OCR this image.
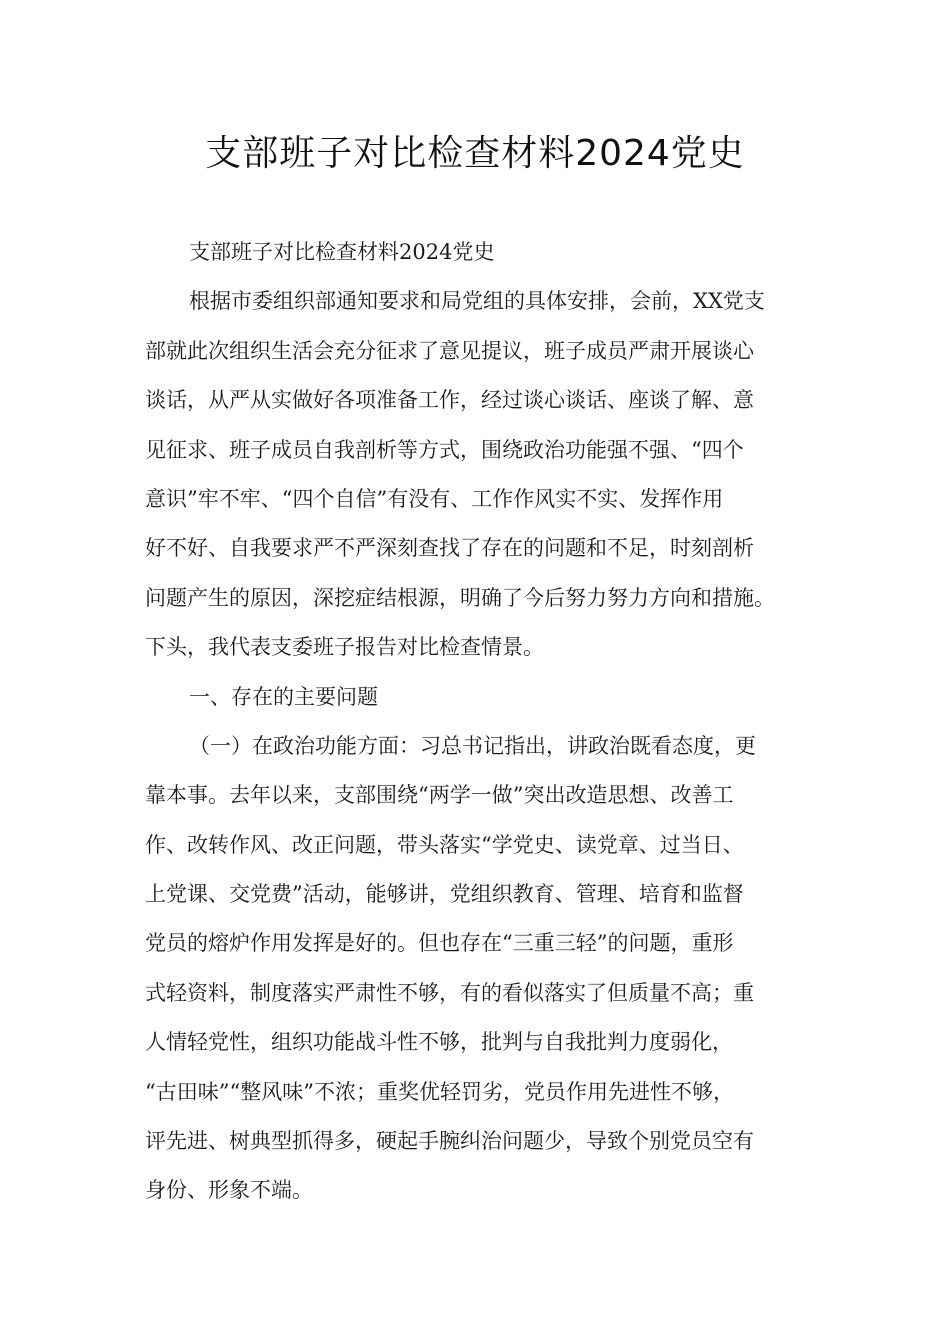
支部班子对比检查材料2024党史
支部班子对比检查材料2024党史
根据市委组织部通知要求和局党组的具体安排，会前，XX党支
部就此次组织生活会充分征求了意见提议，班子成员严肃开展谈心
谈话，从严从实做好各项准备工作，经过谈心谈话、座谈了解、意
见征求、班子成员自我剖析等方式，围绕政治功能强不强、“四个
意识”牢不牢、“四个自信”有没有、工作作风实不实、发挥作用
好不好、自我要求严不严深刻查找了存在的问题和不足，时刻剖析
问题产生的原因，深挖症结根源，明确了今后努力努力方向和措施。
下头，我代表支委班子报告对比检查情景。
一、存在的主要问题
（一）在政治功能方面：习总书记指出，讲政治既看态度，更
靠本事。去年以来，支部围绕“两学一做”突出改造思想、改善工
作、改转作风、改正问题，带头落实“学党史、读党章、过当日、
上党课、交党费”活动，能够讲，党组织教育、管理、培育和监督
党员的熔炉作用发挥是好的。但也存在“三重三轻”的问题，重形
式轻资料，制度落实严肃性不够，有的看似落实了但质量不高；重
人情轻党性，组织功能战斗性不够，批判与自我批判力度弱化，
“古田味”“整风味”不浓；重奖优轻罚劣，党员作用先进性不够，
评先进、树典型抓得多，硬起手腕纠治问题少，导致个别党员空有
身份、形象不端。
